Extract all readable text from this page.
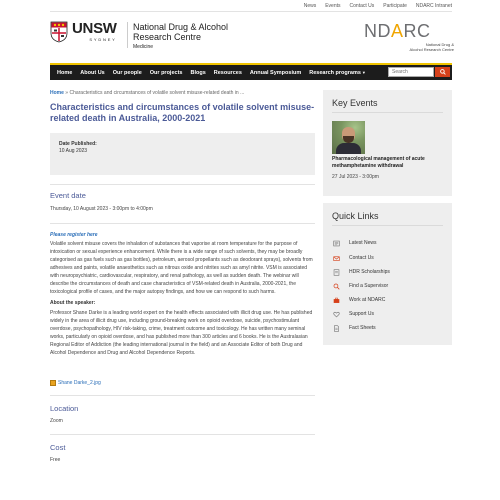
News Events Contact Us Participate NDARC Intranet
UNSW
SYDNEY
National Drug & Alcohol
Research Centre
Medicine
NDARC
National Drug &
Alcohol Research Centre
Home	About Us	Our people	Our projects	Blogs	Resources	Annual Symposium	Research programs▼
Search
Home » Characteristics and circumstances of volatile solvent misuse-related death in ...
Characteristics and circumstances of volatile solvent misuse-related death in Australia, 2000-2021
Date Published:
10 Aug 2023
Event date
Thursday, 10 August 2023 - 3:00pm to 4:00pm
Please register here

Volatile solvent misuse covers the inhalation of substances that vaporise at room temperature for the purpose of intoxication or sexual experience enhancement. While there is a wide range of such solvents, they may be broadly categorised as gas fuels such as gas bottles), petroleum, aerosol propellants such as deodorant sprays), solvents from adhesives and paints, volatile anaesthetics such as nitrous oxide and nitrites such as amyl nitrite. VSM is associated with neuropsychiatric, cardiovascular, respiratory, and renal pathology, as well as sudden death. The webinar will describe the circumstances of death and case characteristics of VSM-related death in Australia, 2000-2021, the toxicological profile of cases, and the major autopsy findings, and how we can respond to such harms.

About the speaker:

Professor Shane Darke is a leading world expert on the health effects associated with illicit drug use. He has published widely in the area of illicit drug use, including ground-breaking work on opioid overdose, suicide, psychostimulant overdose, psychopathology, HIV risk-taking, crime, treatment outcome and toxicology. He has written many seminal works, particularly on opioid overdose, and has published more than 300 articles and 6 books. He is the Australasian Regional Editor of Addiction (the leading international journal in the field) and an Associate Editor of both Drug and Alcohol Dependence and Drug and Alcohol Dependence Reports.

Shane Darke_2.jpg
Location
Zoom
Cost
Free
Key Events
Pharmacological management of acute methamphetamine withdrawal
27 Jul 2023 - 3:00pm
Quick Links
Latest News
Contact Us
HDR Scholarships
Find a Supervisor
Work at NDARC
Support Us
Fact Sheets
